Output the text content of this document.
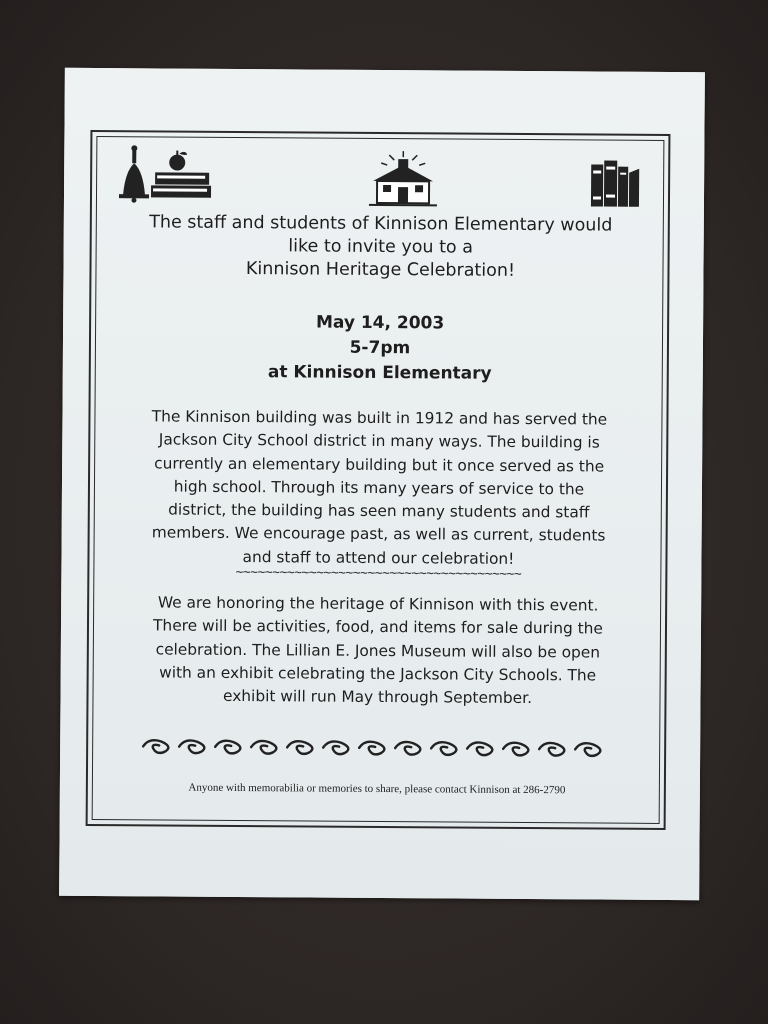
The staff and students of Kinnison Elementary would
like to invite you to a
Kinnison Heritage Celebration!
May 14, 2003
5-7pm
at Kinnison Elementary
The Kinnison building was built in 1912 and has served the
Jackson City School district in many ways. The building is
currently an elementary building but it once served as the
high school. Through its many years of service to the
district, the building has seen many students and staff
members. We encourage past, as well as current, students
and staff to attend our celebration!
~~~~~~~~~~~~~~~~~~~~~~~~~~~~~~~~~~~~~~~
We are honoring the heritage of Kinnison with this event.
There will be activities, food, and items for sale during the
celebration. The Lillian E. Jones Museum will also be open
with an exhibit celebrating the Jackson City Schools. The
exhibit will run May through September.
Anyone with memorabilia or memories to share, please contact Kinnison at 286-2790
